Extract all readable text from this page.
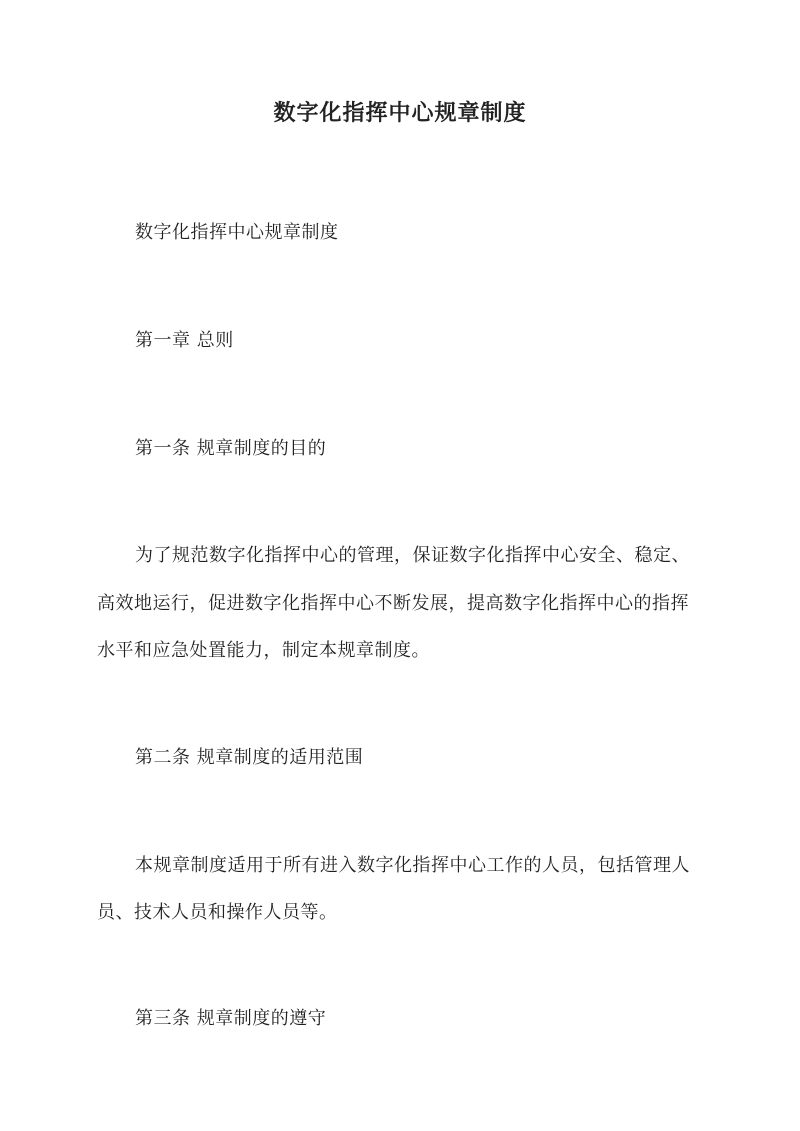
数字化指挥中心规章制度
数字化指挥中心规章制度
第一章 总则
第一条 规章制度的目的
为了规范数字化指挥中心的管理，保证数字化指挥中心安全、稳定、
高效地运行，促进数字化指挥中心不断发展，提高数字化指挥中心的指挥
水平和应急处置能力，制定本规章制度。
第二条 规章制度的适用范围
本规章制度适用于所有进入数字化指挥中心工作的人员，包括管理人
员、技术人员和操作人员等。
第三条 规章制度的遵守
